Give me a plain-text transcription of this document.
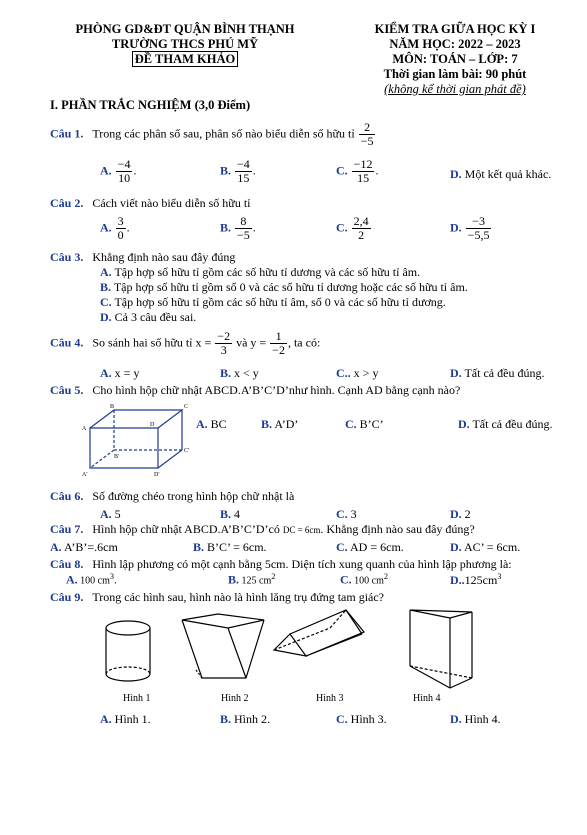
PHÒNG GD&ĐT QUẬN BÌNH THẠNH
TRƯỜNG THCS PHÚ MỸ
ĐỀ THAM KHẢO
KIỂM TRA GIỮA HỌC KỲ I
NĂM HỌC: 2022 – 2023
MÔN: TOÁN – LỚP: 7
Thời gian làm bài: 90 phút
(không kể thời gian phát đề)
I. PHẦN TRẮC NGHIỆM (3,0 Điểm)
Câu 1. Trong các phân số sau, phân số nào biểu diễn số hữu tỉ $\frac{2}{-5}$
A. $\frac{-4}{10}$ .	B. $\frac{-4}{15}$ .	C. $\frac{-12}{15}$ .	D. Một kết quả khác.
Câu 2. Cách viết nào biểu diễn số hữu tỉ
A. $\frac{3}{0}$ .	B. $\frac{8}{-5}$ .	C. $\frac{2,4}{2}$	D. $\frac{-3}{-5,5}$
Câu 3. Khẳng định nào sau đây đúng
A. Tập hợp số hữu tỉ gồm các số hữu tỉ dương và các số hữu tỉ âm.
B. Tập hợp số hữu tỉ gồm số 0 và các số hữu tỉ dương hoặc các số hữu tỉ âm.
C. Tập hợp số hữu tỉ gồm các số hữu tỉ âm, số 0 và các số hữu tỉ dương.
D. Cả 3 câu đều sai.
Câu 4. So sánh hai số hữu tỉ $x = \frac{-2}{3}$ và $y = \frac{1}{-2}$ , ta có:
A. x = y	B. x < y	C.. x > y	D. Tất cả đều đúng.
Câu 5. Cho hình hộp chữ nhật ABCD.A’B’C’D’như hình. Cạnh AD bằng cạnh nào?
A
B	C
D
A'
B'
C'
D'
A. BC	B. A’D’	C. B’C’	D. Tất cả đều đúng.
Câu 6. Số đường chéo trong hình hộp chữ nhật là
A. 5	B. 4	C. 3	D. 2
Câu 7. Hình hộp chữ nhật ABCD.A’B’C’D’có DC = 6cm. Khẳng định nào sau đây đúng?
A. A’B’=.6cm	B. B’C’ = 6cm.	C. AD = 6cm.	D. AC’ = 6cm.
Câu 8. Hình lập phương có một cạnh bằng 5cm. Diện tích xung quanh của hình lập phương là:
A. 100 $cm^3$.	B. 125 $cm^2$	C. 100 $cm^2$	$D..125cm^3$
Câu 9. Trong các hình sau, hình nào là hình lăng trụ đứng tam giác?
Hình 1	Hình 2	Hình 3	Hình 4
A. Hình 1.	B. Hình 2.	C. Hình 3.	D. Hình 4.
